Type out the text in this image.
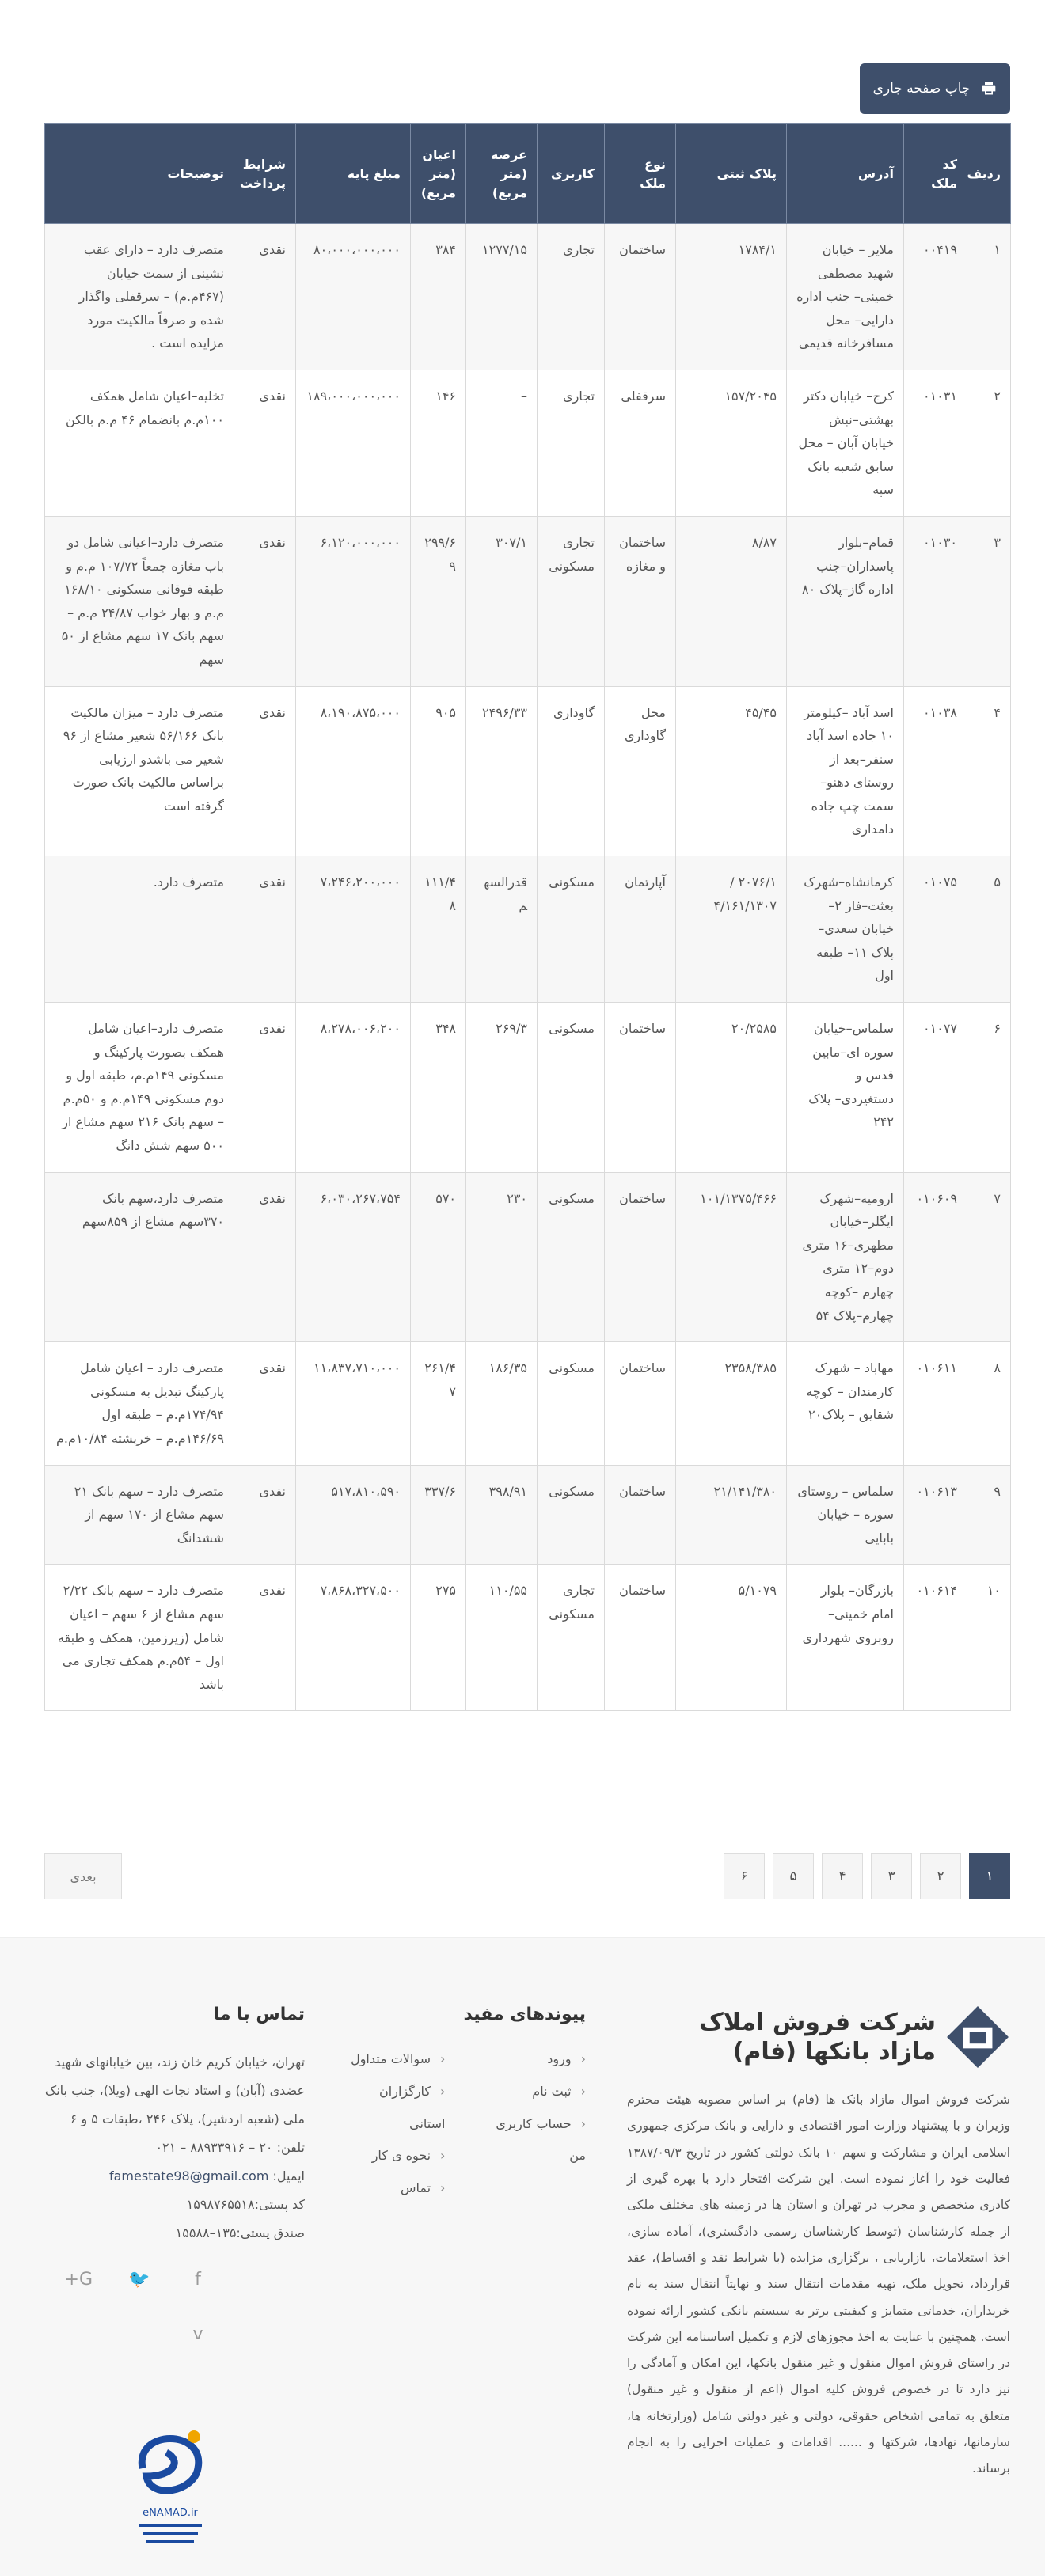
چاپ صفحه جاری
ردیف	کد ملک	آدرس	پلاک ثبتی	نوع ملک	کاربری	عرصه (متر مربع)	اعیان (متر مربع)	مبلغ پایه	شرایط پرداخت	توضیحات
۱	۰۰۴۱۹	ملایر – خیابان شهید مصطفی خمینی– جنب اداره دارایی– محل مسافرخانه قدیمی	۱۷۸۴/۱	ساختمان	تجاری	۱۲۷۷/۱۵	۳۸۴	۸۰،۰۰۰،۰۰۰،۰۰۰	نقدی	متصرف دارد – دارای عقب نشینی از سمت خیابان (۴۶۷م.م) – سرقفلی واگذار شده و صرفاً مالکیت مورد مزایده است .
۲	۰۱۰۳۱	کرج– خیابان دکتر بهشتی–نبش خیابان آبان – محل سابق شعبه بانک سپه	۱۵۷/۲۰۴۵	سرقفلی	تجاری	–	۱۴۶	۱۸۹،۰۰۰،۰۰۰،۰۰۰	نقدی	تخلیه–اعیان شامل همکف ۱۰۰م.م بانضمام ۴۶ م.م بالکن
۳	۰۱۰۳۰	قمام–بلوار پاسداران–جنب اداره گاز–پلاک ۸۰	۸/۸۷	ساختمان و مغازه	تجاری مسکونی	۳۰۷/۱	۲۹۹/۶۹	۶،۱۲۰،۰۰۰،۰۰۰	نقدی	متصرف دارد–اعیانی شامل دو باب مغازه جمعاً ۱۰۷/۷۲ م.م و طبقه فوقانی مسکونی ۱۶۸/۱۰ م.م و بهار خواب ۲۴/۸۷ م.م – سهم بانک ۱۷ سهم مشاع از ۵۰ سهم
۴	۰۱۰۳۸	اسد آباد –کیلومتر ۱۰ جاده اسد آباد سنقر–بعد از روستای دهنو– سمت چپ جاده دامداری	۴۵/۴۵	محل گاوداری	گاوداری	۲۴۹۶/۳۳	۹۰۵	۸،۱۹۰،۸۷۵،۰۰۰	نقدی	متصرف دارد – میزان مالکیت بانک ۵۶/۱۶۶ شعیر مشاع از ۹۶ شعیر می باشدو ارزیابی براساس مالکیت بانک صورت گرفته است
۵	۰۱۰۷۵	کرمانشاه–شهرک بعثت–فاز ۲–خیابان سعدی– پلاک ۱۱– طبقه اول	۲۰۷۶/۱ /۴/۱۶۱/۱۳۰۷	آپارتمان	مسکونی	قدرالسهم	۱۱۱/۴۸	۷،۲۴۶،۲۰۰،۰۰۰	نقدی	متصرف دارد.
۶	۰۱۰۷۷	سلماس–خیابان سوره ای–مابین قدس و دستغیردی– پلاک ۲۴۲	۲۰/۲۵۸۵	ساختمان	مسکونی	۲۶۹/۳	۳۴۸	۸،۲۷۸،۰۰۶،۲۰۰	نقدی	متصرف دارد–اعیان شامل همکف بصورت پارکینگ و مسکونی ۱۴۹م.م، طبقه اول و دوم مسکونی ۱۴۹م.م و ۵۰م.م – سهم بانک ۲۱۶ سهم مشاع از ۵۰۰ سهم شش دانگ
۷	۰۱۰۶۰۹	ارومیه–شهرک ایگلر–خیابان مطهری–۱۶ متری دوم–۱۲ متری چهارم –کوچه چهارم–پلاک ۵۴	۱۰۱/۱۳۷۵/۴۶۶	ساختمان	مسکونی	۲۳۰	۵۷۰	۶،۰۳۰،۲۶۷،۷۵۴	نقدی	متصرف دارد،سهم بانک ۳۷۰سهم مشاع از ۸۵۹سهم
۸	۰۱۰۶۱۱	مهاباد – شهرک کارمندان – کوچه شقایق – پلاک۲۰	۲۳۵۸/۳۸۵	ساختمان	مسکونی	۱۸۶/۳۵	۲۶۱/۴۷	۱۱،۸۳۷،۷۱۰،۰۰۰	نقدی	متصرف دارد – اعیان شامل پارکینگ تبدیل به مسکونی ۱۷۴/۹۴م.م – طبقه اول ۱۴۶/۶۹م.م – خرپشته ۱۰/۸۴م.م
۹	۰۱۰۶۱۳	سلماس – روستای سوره – خیابان بابایی	۲۱/۱۴۱/۳۸۰	ساختمان	مسکونی	۳۹۸/۹۱	۳۳۷/۶	۵۱۷،۸۱۰،۵۹۰	نقدی	متصرف دارد – سهم بانک ۲۱ سهم مشاع از ۱۷۰ سهم از ششدانگ
۱۰	۰۱۰۶۱۴	بازرگان– بلوار امام خمینی– روبروی شهرداری	۵/۱۰۷۹	ساختمان	تجاری مسکونی	۱۱۰/۵۵	۲۷۵	۷،۸۶۸،۳۲۷،۵۰۰	نقدی	متصرف دارد – سهم بانک ۲/۲۲ سهم مشاع از ۶ سهم – اعیان شامل (زیرزمین، همکف و طبقه اول – ۵۴م.م همکف تجاری می باشد
۱
۲
۳
۴
۵
۶
بعدی
شرکت فروش املاک
مازاد بانکها (فام)

شرکت فروش اموال مازاد بانک ها (فام) بر اساس مصوبه هیئت محترم وزیران و با پیشنهاد وزارت امور اقتصادی و دارایی و بانک مرکزی جمهوری اسلامی ایران و مشارکت و سهم ۱۰ بانک دولتی کشور در تاریخ ۱۳۸۷/۰۹/۳ فعالیت خود را آغاز نموده است. این شرکت افتخار دارد با بهره گیری از کادری متخصص و مجرب در تهران و استان ها در زمینه های مختلف ملکی از جمله کارشناسان (توسط کارشناسان رسمی دادگستری)، آماده سازی، اخذ استعلامات، بازاریابی ، برگزاری مزایده (با شرایط نقد و اقساط)، عقد قرارداد، تحویل ملک، تهیه مقدمات انتقال سند و نهایتاً انتقال سند به نام خریداران، خدماتی متمایز و کیفیتی برتر به سیستم بانکی کشور ارائه نموده است. همچنین با عنایت به اخذ مجوزهای لازم و تکمیل اساسنامه این شرکت در راستای فروش اموال منقول و غیر منقول بانکها، این امکان و آمادگی را نیز دارد تا در خصوص فروش کلیه اموال (اعم از منقول و غیر منقول) متعلق به تمامی اشخاص حقوقی، دولتی و غیر دولتی شامل (وزارتخانه ها، سازمانها، نهادها، شرکتها و ...... اقدامات و عملیات اجرایی را به انجام برساند.

پیوندهای مفید
‹ ورود
‹ ثبت نام
‹ حساب کاربری من
‹ سوالات متداول
‹ کارگزاران استانی
‹ نحوه ی کار
‹ تماس
تماس با ما

تهران، خیابان کریم خان زند، بین خیابانهای شهید عضدی (آبان) و استاد نجات الهی (ویلا)، جنب بانک ملی (شعبه اردشیر)، پلاک ۲۴۶ ،طبقات ۵ و ۶

تلفن: ۲۰ – ۸۸۹۳۳۹۱۶ – ۰۲۱

ایمیل: famestate98@gmail.com

کد پستی:۱۵۹۸۷۶۵۵۱۸

صندق پستی:۱۳۵–۱۵۵۸۸

f
🐦
G+
v
eNAMAD.ir
